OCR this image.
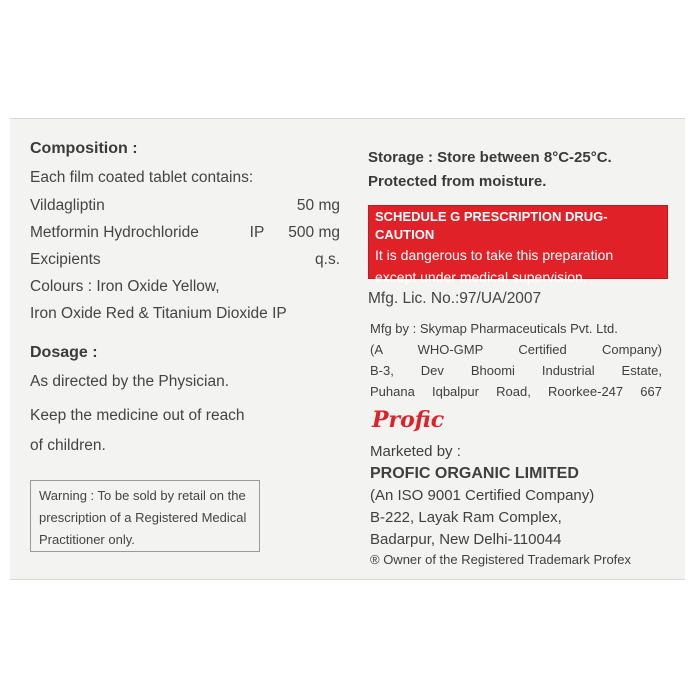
Composition :
Each film coated tablet contains:
Vildagliptin	50 mg
Metformin Hydrochloride	IP 500 mg
Excipients	q.s.
Colours : Iron Oxide Yellow,
Iron Oxide Red & Titanium Dioxide IP
Dosage :
As directed by the Physician.
Keep the medicine out of reach
of children.
Warning : To be sold by retail on the
prescription of a Registered Medical
Practitioner only.
Storage : Store between 8°C-25°C.
Protected from moisture.
SCHEDULE G PRESCRIPTION DRUG-CAUTION
It is dangerous to take this preparation
except under medical supervision.
Mfg. Lic. No.:97/UA/2007
Mfg by : Skymap Pharmaceuticals Pvt. Ltd.
(A WHO-GMP Certified Company)
B-3, Dev Bhoomi Industrial Estate,
Puhana Iqbalpur Road, Roorkee-247 667
Profic
Marketed by :
PROFIC ORGANIC LIMITED
(An ISO 9001 Certified Company)
B-222, Layak Ram Complex,
Badarpur, New Delhi-110044
® Owner of the Registered Trademark Profex
